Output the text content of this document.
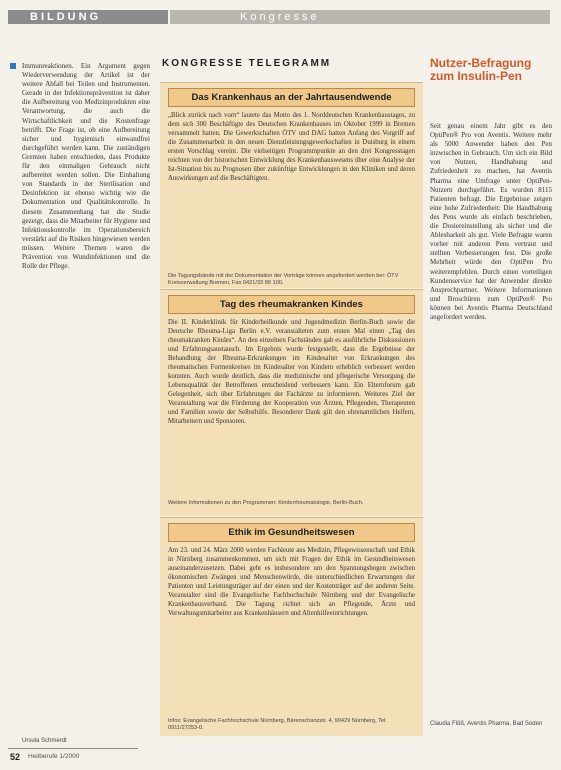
BILDUNG	Kongresse
Immunreaktionen. Ein Argument gegen Wiederverwendung der Artikel ist der weitere Abfall bei Teilen und Instrumenten. Gerade in der Infektionsprävention ist daher die Aufbereitung von Medizinprodukten eine Verantwortung, die auch die Wirtschaftlichkeit und die Kostenfrage betrifft. Die Frage ist, ob eine Aufbereitung sicher und hygienisch einwandfrei durchgeführt werden kann. Die zuständigen Gremien haben entschieden, dass Produkte für den einmaligen Gebrauch nicht aufbereitet werden sollen. Die Einhaltung von Standards in der Sterilisation und Desinfektion ist ebenso wichtig wie die Dokumentation und Qualitätskontrolle. In diesem Zusammenhang hat die Studie gezeigt, dass die Mitarbeiter für Hygiene und Infektionskontrolle im Operationsbereich verstärkt auf die Risiken hingewiesen werden müssen. Weitere Themen waren die Prävention von Wundinfektionen und die Rolle der Pflege.
Ursula Schmerdt
KONGRESSE TELEGRAMM
Das Krankenhaus an der Jahrtausendwende
„Blick zurück nach vorn“ lautete das Motto des 1. Norddeutschen Krankenhaustages, zu dem sich 300 Beschäftigte des Deutschen Krankenhauses im Oktober 1999 in Bremen versammelt hatten. Die Gewerkschaften ÖTV und DAG hatten Anfang des Vorgriff auf die Zusammenarbeit in den neuen Dienstleistungsgewerkschaften in Duisburg in einem ersten Vorschlag vereint. Die vielseitigen Programmpunkte an den drei Kongresstagen reichten von der historischen Entwicklung des Krankenhauswesens über eine Analyse der Ist-Situation bis zu Prognosen über zukünftige Entwicklungen in den Kliniken und deren Auswirkungen auf die Beschäftigten.
Die Tagungsbände mit der Dokumentation der Vorträge können angefordert werden bei: ÖTV Kreisverwaltung Bremen, Fax 0421/33 89 100.
Tag des rheumakranken Kindes
Die II. Kinderklinik für Kinderheilkunde und Jugendmedizin Berlin-Buch sowie die Deutsche Rheuma-Liga Berlin e.V. veranstalteten zum ersten Mal einen „Tag des rheumakranken Kindes“. An den einzelnen Fachständen gab es ausführliche Diskussionen und Erfahrungsaustausch. Im Ergebnis wurde festgestellt, dass die Ergebnisse der Behandlung der Rheuma-Erkrankungen im Kindesalter von Erkrankungen des rheumatischen Formenkreises im Kindesalter von Kindern erheblich verbessert werden konnten. Auch wurde deutlich, dass die medizinische und pflegerische Versorgung die Lebensqualität der Betroffenen entscheidend verbessern kann. Ein Elternforum gab Gelegenheit, sich über Erfahrungen der Fachärzte zu informieren. Weiteres Ziel der Veranstaltung war die Förderung der Kooperation von Ärzten, Pflegenden, Therapeuten und Familien sowie der Selbsthilfe. Besonderer Dank gilt den ehrenamtlichen Helfern, Mitarbeitern und Sponsoren.
Weitere Informationen zu den Programmen: Kinderrheumatologie, Berlin-Buch.
Ethik im Gesundheitswesen
Am 23. und 24. März 2000 werden Fachleute aus Medizin, Pflegewissenschaft und Ethik in Nürnberg zusammenkommen, um sich mit Fragen der Ethik im Gesundheitswesen auseinanderzusetzen. Dabei geht es insbesondere um den Spannungsbogen zwischen ökonomischen Zwängen und Menschenwürde, die unterschiedlichen Erwartungen der Patienten und Leistungsträger auf der einen und der Kostenträger auf der anderen Seite. Veranstalter sind die Evangelische Fachhochschule Nürnberg und der Evangelische Krankenhausverband. Die Tagung richtet sich an Pflegende, Ärzte und Verwaltungsmitarbeiter aus Krankenhäusern und Altenhilfeeinrichtungen.
Infos: Evangelische Fachhochschule Nürnberg, Bärenschanzstr. 4, 90429 Nürnberg, Tel. 0911/27253-0.
Nutzer-Befragung zum Insulin-Pen
Seit genau einem Jahr gibt es den OptiPen® Pro von Aventis. Weitere mehr als 5000 Anwender haben den Pen inzwischen in Gebrauch. Um sich ein Bild von Nutzen, Handhabung und Zufriedenheit zu machen, hat Aventis Pharma eine Umfrage unter OptiPen-Nutzern durchgeführt. Es wurden 8115 Patienten befragt. Die Ergebnisse zeigen eine hohe Zufriedenheit: Die Handhabung des Pens wurde als einfach beschrieben, die Dosiereinstellung als sicher und die Ablesbarkeit als gut. Viele Befragte waren vorher mit anderen Pens vertraut und stellten Verbesserungen fest. Die große Mehrheit würde den OptiPen Pro weiterempfehlen. Durch einen vorteiligen Kundenservice hat der Anwender direkte Ansprechpartner. Weitere Informationen und Broschüren zum OptiPen® Pro können bei Aventis Pharma Deutschland angefordert werden.
Claudia Flöß, Aventis Pharma, Bad Soden
52 Heilberufe 1/2000
